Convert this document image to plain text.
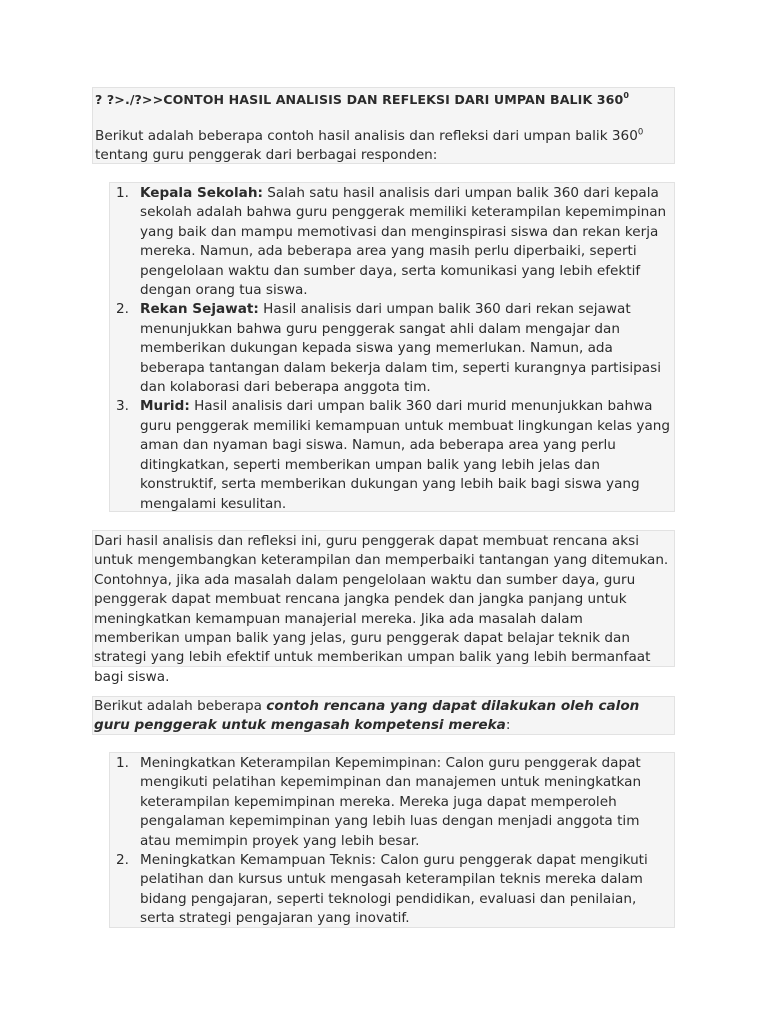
? ?>./?>>CONTOH HASIL ANALISIS DAN REFLEKSI DARI UMPAN BALIK $360^0$

Berikut adalah beberapa contoh hasil analisis dan refleksi dari umpan balik $360^0$ tentang guru penggerak dari berbagai responden:

1. Kepala Sekolah: Salah satu hasil analisis dari umpan balik 360 dari kepala sekolah adalah bahwa guru penggerak memiliki keterampilan kepemimpinan yang baik dan mampu memotivasi dan menginspirasi siswa dan rekan kerja mereka. Namun, ada beberapa area yang masih perlu diperbaiki, seperti pengelolaan waktu dan sumber daya, serta komunikasi yang lebih efektif dengan orang tua siswa.
2. Rekan Sejawat: Hasil analisis dari umpan balik 360 dari rekan sejawat menunjukkan bahwa guru penggerak sangat ahli dalam mengajar dan memberikan dukungan kepada siswa yang memerlukan. Namun, ada beberapa tantangan dalam bekerja dalam tim, seperti kurangnya partisipasi dan kolaborasi dari beberapa anggota tim.
3. Murid: Hasil analisis dari umpan balik 360 dari murid menunjukkan bahwa guru penggerak memiliki kemampuan untuk membuat lingkungan kelas yang aman dan nyaman bagi siswa. Namun, ada beberapa area yang perlu ditingkatkan, seperti memberikan umpan balik yang lebih jelas dan konstruktif, serta memberikan dukungan yang lebih baik bagi siswa yang mengalami kesulitan.

Dari hasil analisis dan refleksi ini, guru penggerak dapat membuat rencana aksi untuk mengembangkan keterampilan dan memperbaiki tantangan yang ditemukan. Contohnya, jika ada masalah dalam pengelolaan waktu dan sumber daya, guru penggerak dapat membuat rencana jangka pendek dan jangka panjang untuk meningkatkan kemampuan manajerial mereka. Jika ada masalah dalam memberikan umpan balik yang jelas, guru penggerak dapat belajar teknik dan strategi yang lebih efektif untuk memberikan umpan balik yang lebih bermanfaat bagi siswa.

Berikut adalah beberapa contoh rencana yang dapat dilakukan oleh calon guru penggerak untuk mengasah kompetensi mereka:

1. Meningkatkan Keterampilan Kepemimpinan: Calon guru penggerak dapat mengikuti pelatihan kepemimpinan dan manajemen untuk meningkatkan keterampilan kepemimpinan mereka. Mereka juga dapat memperoleh pengalaman kepemimpinan yang lebih luas dengan menjadi anggota tim atau memimpin proyek yang lebih besar.
2. Meningkatkan Kemampuan Teknis: Calon guru penggerak dapat mengikuti pelatihan dan kursus untuk mengasah keterampilan teknis mereka dalam bidang pengajaran, seperti teknologi pendidikan, evaluasi dan penilaian, serta strategi pengajaran yang inovatif.
